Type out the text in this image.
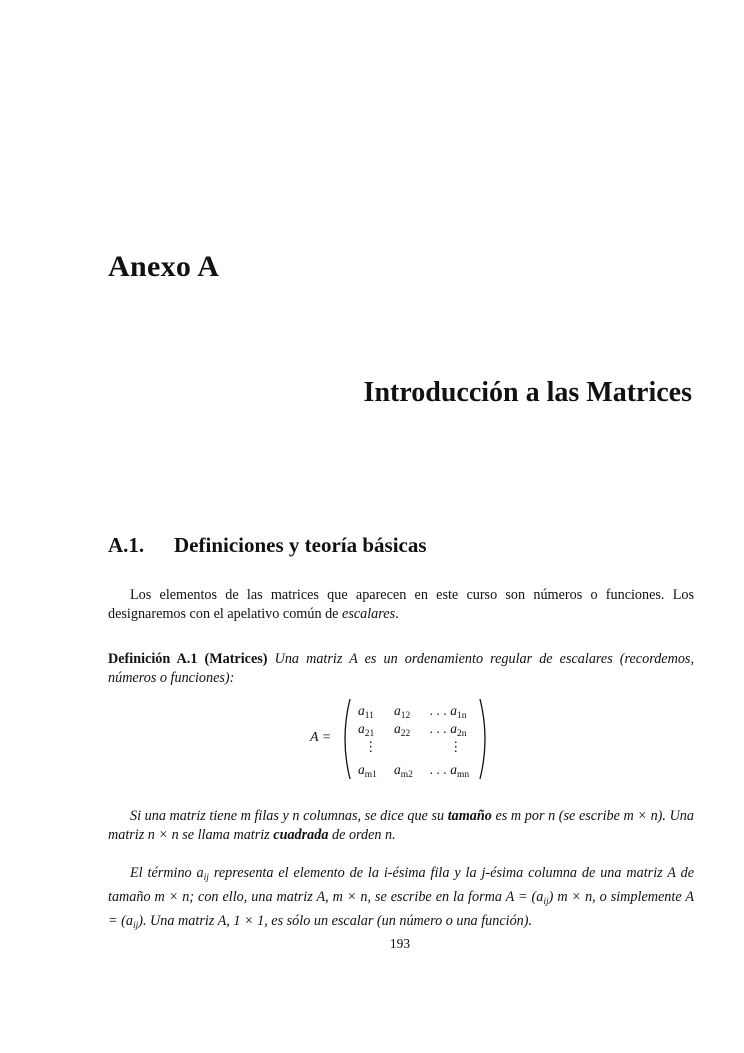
Anexo A
Introducción a las Matrices
A.1. Definiciones y teoría básicas

Los elementos de las matrices que aparecen en este curso son números o funciones. Los designaremos con el apelativo común de escalares.

Definición A.1 (Matrices) Una matriz A es un ordenamiento regular de escalares (recordemos, números o funciones):

A =
$a_{11}$ $a_{12}$ . . . $a_{1n}$
$a_{21}$ $a_{22}$ . . . $a_{2n}$
⋮	⋮
$a_{m1}$ $a_{m2}$ . . . $a_{mn}$

Si una matriz tiene m filas y n columnas, se dice que su tamaño es m por n (se escribe m × n). Una matriz n × n se llama matriz cuadrada de orden n.

El término $a_{ij}$ representa el elemento de la i-ésima fila y la j-ésima columna de una matriz A de tamaño m × n; con ello, una matriz A, m × n, se escribe en la forma $A = (a_{ij}) m \times n$, o simplemente $A = (a_{ij})$. Una matriz A, 1 × 1, es sólo un escalar (un número o una función).

193
